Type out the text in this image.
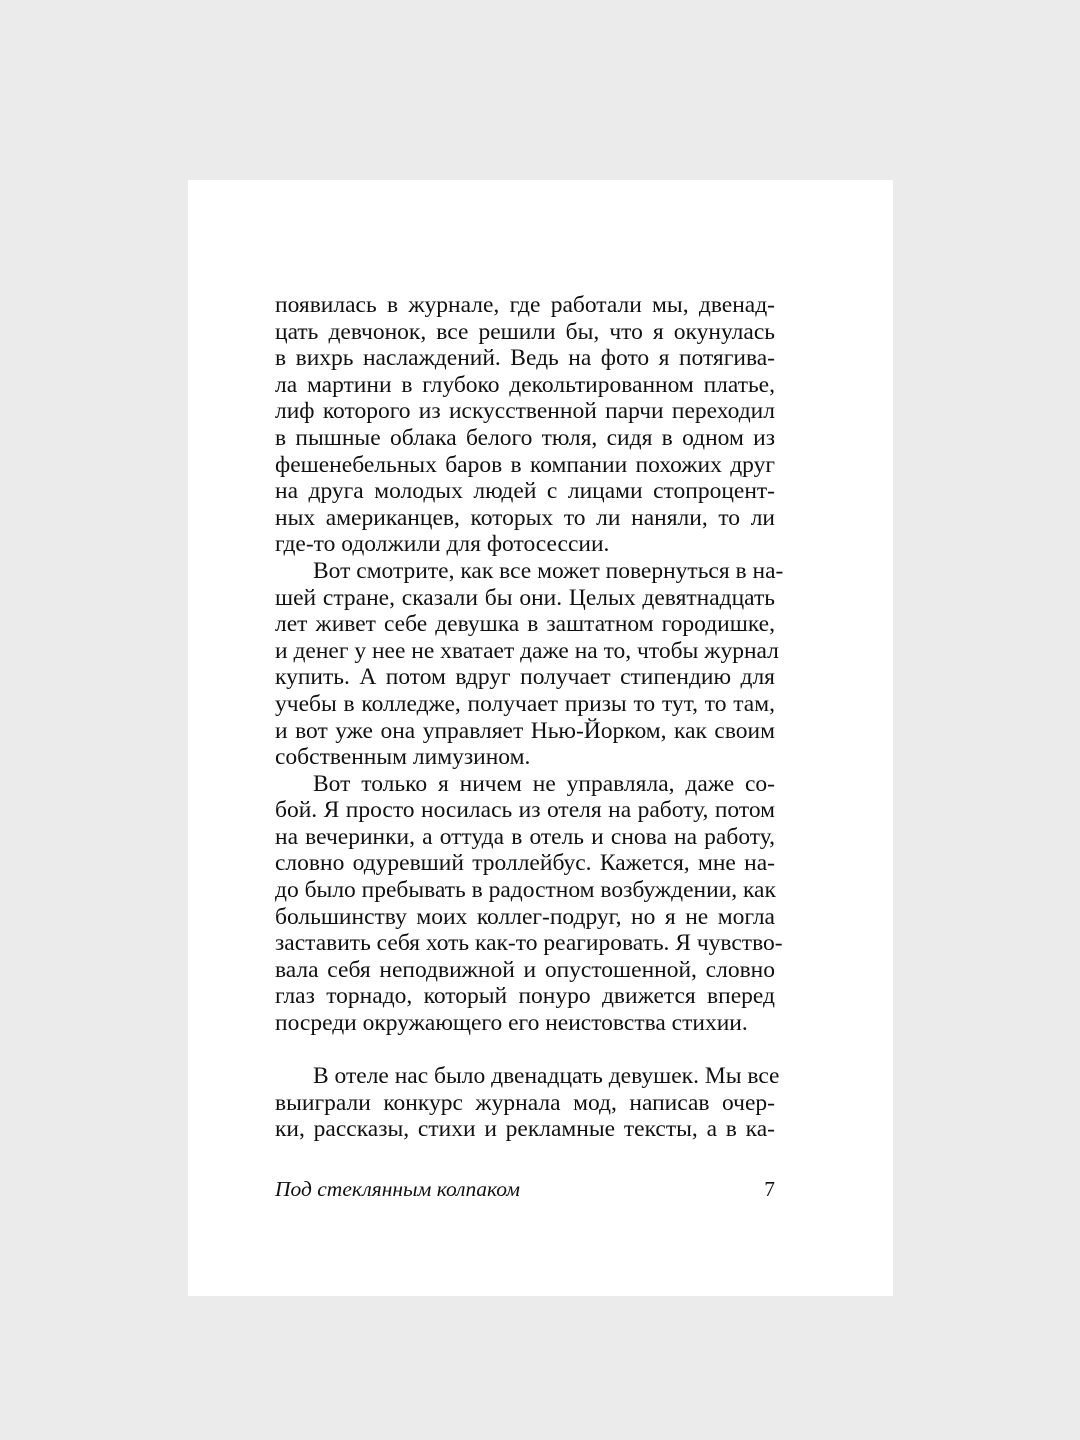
появилась в журнале, где работали мы, двенад-
цать девчонок, все решили бы, что я окунулась
в вихрь наслаждений. Ведь на фото я потягива-
ла мартини в глубоко декольтированном платье,
лиф которого из искусственной парчи переходил
в пышные облака белого тюля, сидя в одном из
фешенебельных баров в компании похожих друг
на друга молодых людей с лицами стопроцент-
ных американцев, которых то ли наняли, то ли
где-то одолжили для фотосессии.
Вот смотрите, как все может повернуться в на-
шей стране, сказали бы они. Целых девятнадцать
лет живет себе девушка в заштатном городишке,
и денег у нее не хватает даже на то, чтобы журнал
купить. А потом вдруг получает стипендию для
учебы в колледже, получает призы то тут, то там,
и вот уже она управляет Нью-Йорком, как своим
собственным лимузином.
Вот только я ничем не управляла, даже со-
бой. Я просто носилась из отеля на работу, потом
на вечеринки, а оттуда в отель и снова на работу,
словно одуревший троллейбус. Кажется, мне на-
до было пребывать в радостном возбуждении, как
большинству моих коллег-подруг, но я не могла
заставить себя хоть как-то реагировать. Я чувство-
вала себя неподвижной и опустошенной, словно
глаз торнадо, который понуро движется вперед
посреди окружающего его неистовства стихии.
В отеле нас было двенадцать девушек. Мы все
выиграли конкурс журнала мод, написав очер-
ки, рассказы, стихи и рекламные тексты, а в ка-
Под стеклянным колпаком	7
